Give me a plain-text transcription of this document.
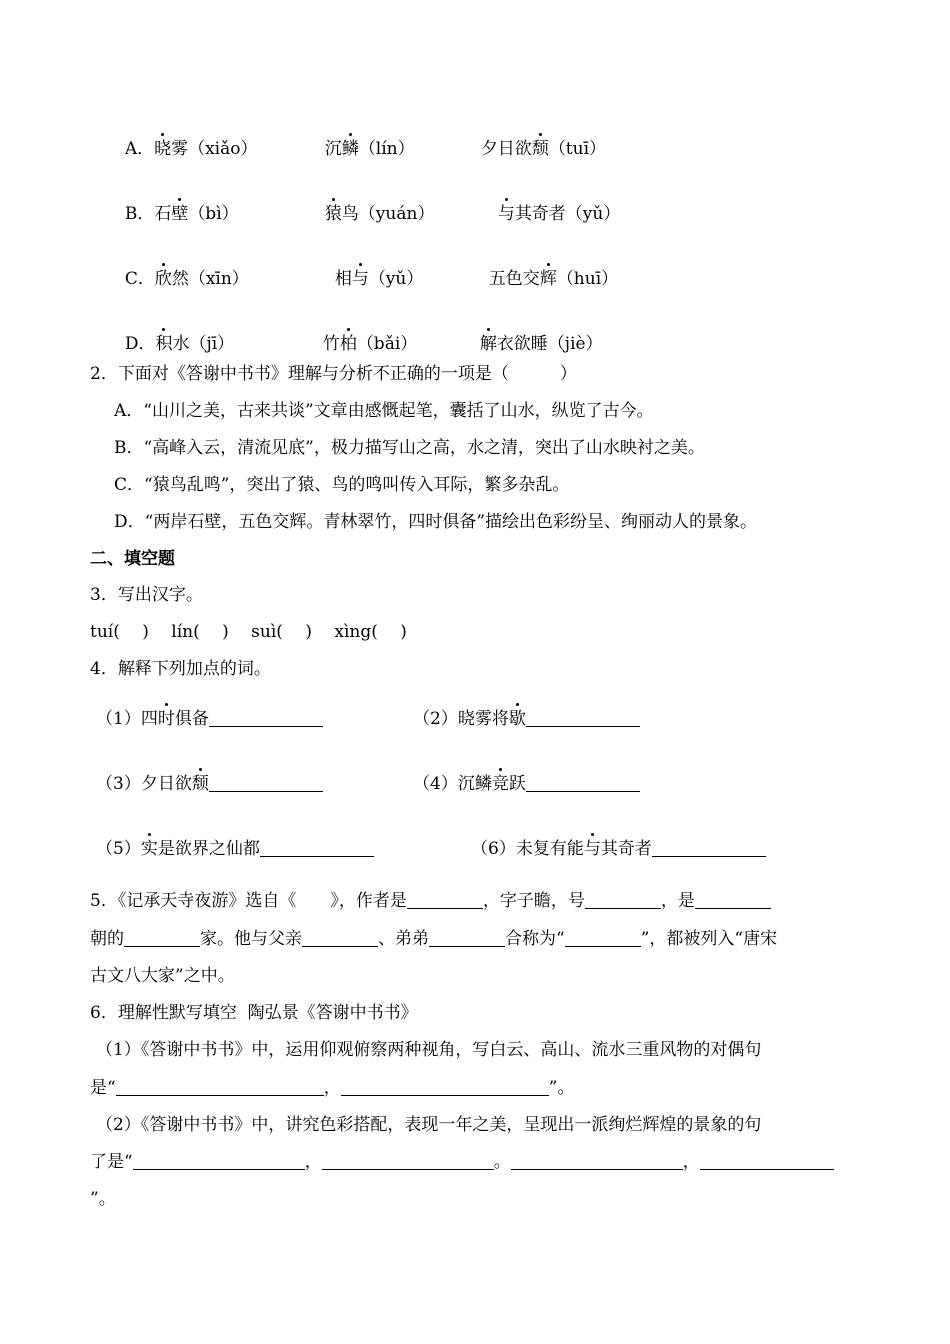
A．晓雾（xiǎo）	沉鳞（lín）	夕日欲颓（tuī）

B．石壁（bì）	猿鸟（yuán）	与其奇者（yǔ）

C．欣然（xīn）	相与（yǔ）	五色交辉（huī）

D．积水（jī）	竹柏（bǎi）	解衣欲睡（jiè）

2．下面对《答谢中书书》理解与分析不正确的一项是（　　　）
A．“山川之美，古来共谈”文章由感慨起笔，囊括了山水，纵览了古今。
B．“高峰入云，清流见底”，极力描写山之高，水之清，突出了山水映衬之美。
C．“猿鸟乱鸣”，突出了猿、鸟的鸣叫传入耳际，繁多杂乱。
D．“两岸石壁，五色交辉。青林翠竹，四时俱备”描绘出色彩纷呈、绚丽动人的景象。
二、填空题
3．写出汉字。
tuí(　 )　 lín(　 )　 suì(　 )　 xìng(　 )
4．解释下列加点的词。
（1）四时俱备	（2）晓雾将歇
（3）夕日欲颓	（4）沉鳞竞跃
（5）实是欲界之仙都	（6）未复有能与其奇者
5．《记承天寺夜游》选自《　　》，作者是	，字子瞻，号	，是
朝的	家。他与父亲	、弟弟	合称为“	”，都被列入“唐宋
古文八大家”之中。
6．理解性默写填空  陶弘景《答谢中书书》
（1）《答谢中书书》中，运用仰观俯察两种视角，写白云、高山、流水三重风物的对偶句
是“	，	”。
（2）《答谢中书书》中，讲究色彩搭配，表现一年之美，呈现出一派绚烂辉煌的景象的句
了是“	，	。	，
”。
